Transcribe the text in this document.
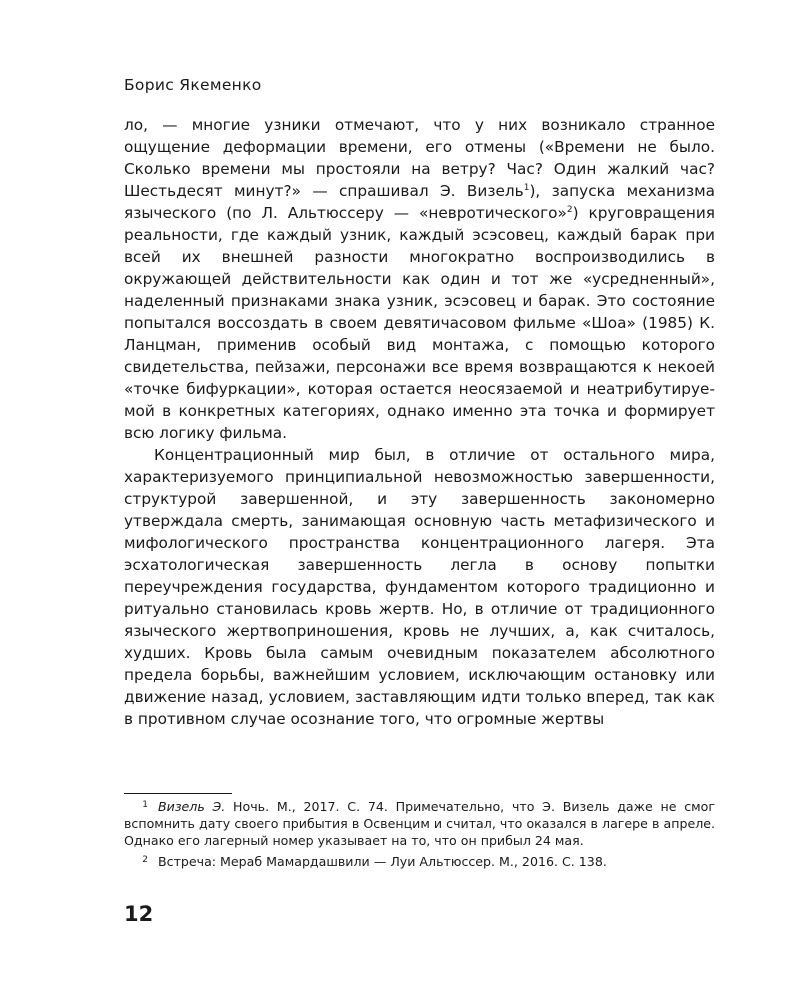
Борис Якеменко

ло, — многие узники отмечают, что у них возникало странное ощущение деформации времени, его отмены («Времени не было. Сколько времени мы простояли на ветру? Час? Один жалкий час? Шестьдесят минут?» — спрашивал Э. Визель$^1$), запуска механизма языческого (по Л. Альтюссеру — «невротического»$^2$) круговращения реальности, где каждый узник, каждый эсэсовец, каждый барак при всей их внешней разности многократно воспроизводились в окружающей действительности как один и тот же «усредненный», наделенный признаками знака узник, эсэсовец и барак. Это состояние попытался воссоздать в своем девятичасовом фильме «Шоа» (1985) К. Ланцман, применив особый вид монтажа, с помощью которого свидетельства, пейзажи, персонажи все время возвращаются к некоей «точке бифуркации», которая остается неосязаемой и неатрибутируемой в конкретных категориях, однако именно эта точка и формирует всю логику фильма.

Концентрационный мир был, в отличие от остального мира, характеризуемого принципиальной невозможностью завершенности, структурой завершенной, и эту завершенность закономерно утверждала смерть, занимающая основную часть метафизического и мифологического пространства концентрационного лагеря. Эта эсхатологическая завершенность легла в основу попытки переучреждения государства, фундаментом которого традиционно и ритуально становилась кровь жертв. Но, в отличие от традиционного языческого жертвоприношения, кровь не лучших, а, как считалось, худших. Кровь была самым очевидным показателем абсолютного предела борьбы, важнейшим условием, исключающим остановку или движение назад, условием, заставляющим идти только вперед, так как в противном случае осознание того, что огромные жертвы

1 Визель Э. Ночь. М., 2017. С. 74. Примечательно, что Э. Визель даже не смог вспомнить дату своего прибытия в Освенцим и считал, что оказался в лагере в апреле. Однако его лагерный номер указывает на то, что он прибыл 24 мая.

2 Встреча: Мераб Мамардашвили — Луи Альтюссер. М., 2016. С. 138.

12
